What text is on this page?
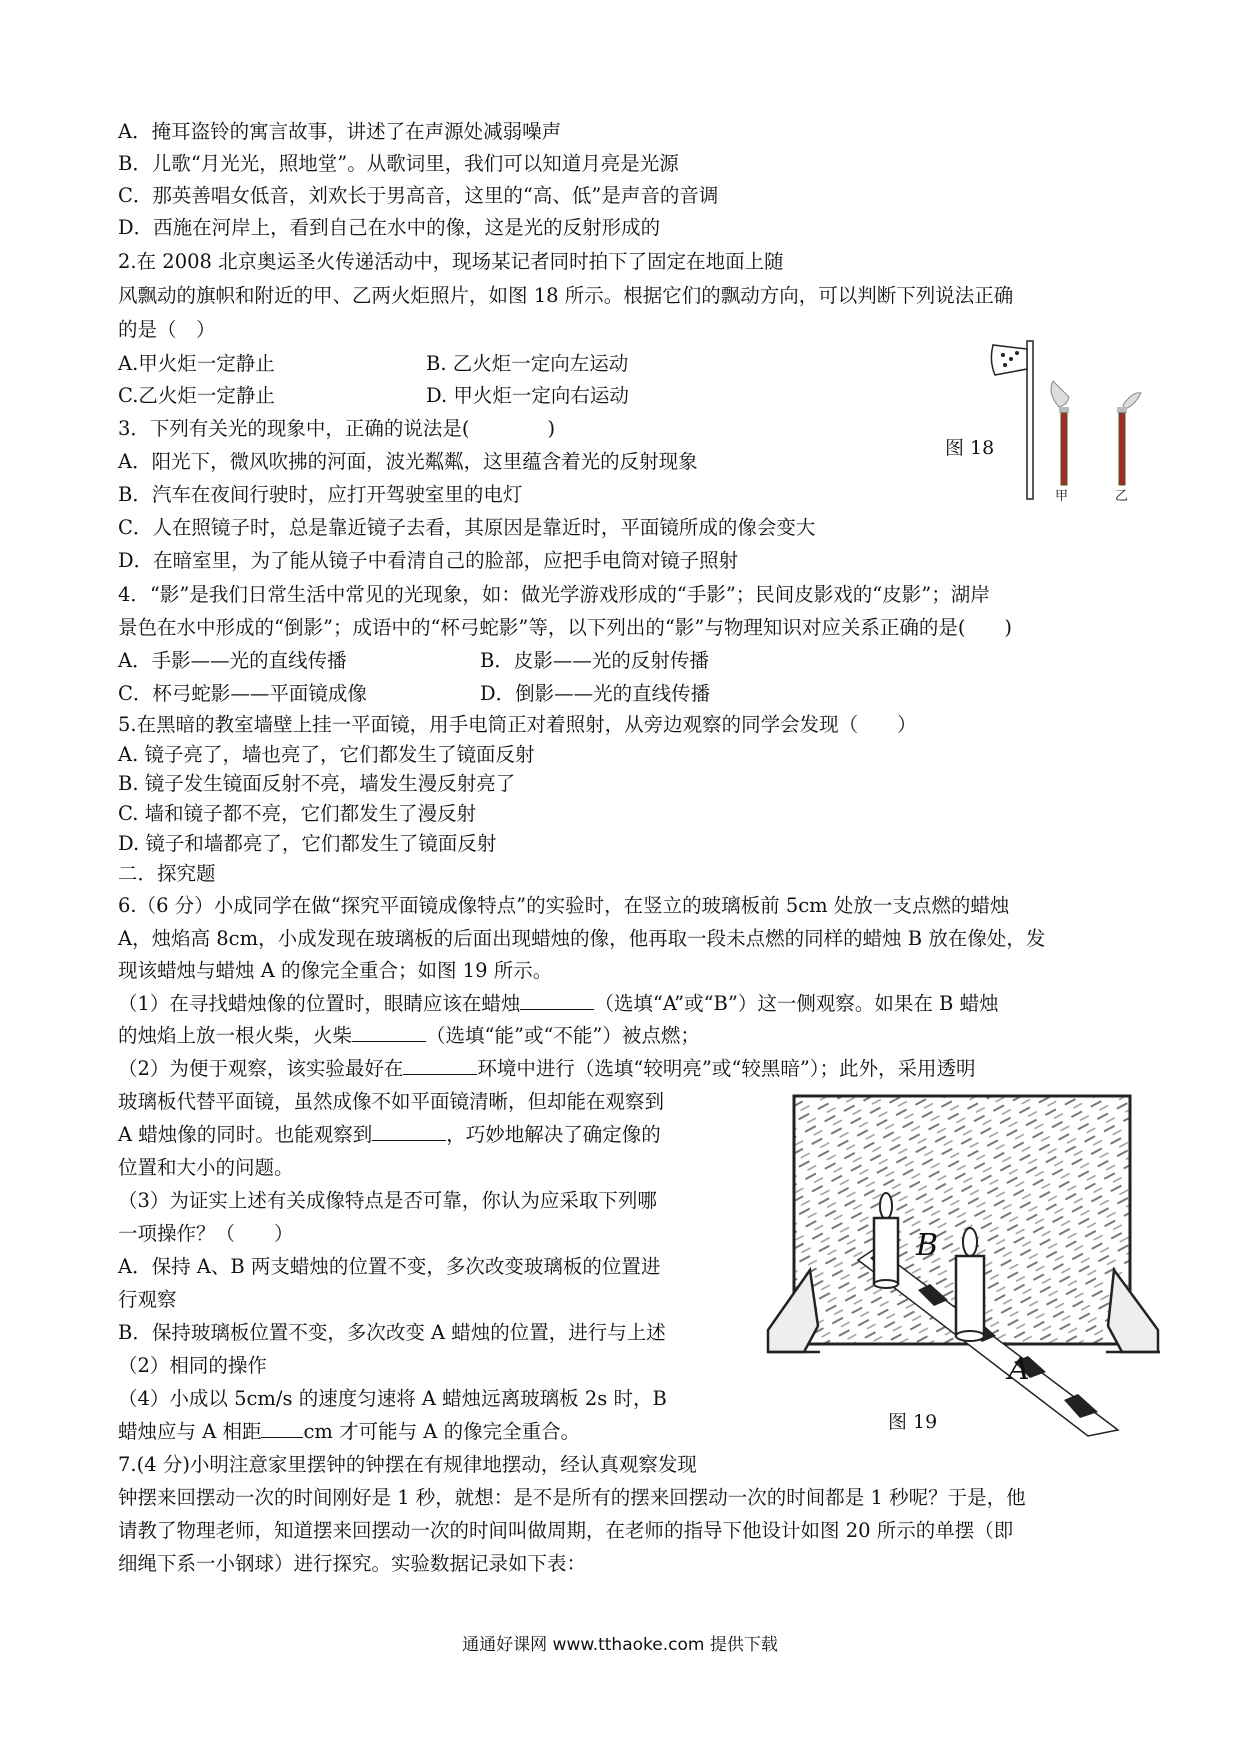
A．掩耳盗铃的寓言故事，讲述了在声源处减弱噪声
B．儿歌“月光光，照地堂”。从歌词里，我们可以知道月亮是光源
C．那英善唱女低音，刘欢长于男高音，这里的“高、低”是声音的音调
D．西施在河岸上，看到自己在水中的像，这是光的反射形成的
2.在 2008 北京奥运圣火传递活动中，现场某记者同时拍下了固定在地面上随
风飘动的旗帜和附近的甲、乙两火炬照片，如图 18 所示。根据它们的飘动方向，可以判断下列说法正确
的是（　）
A.甲火炬一定静止	B. 乙火炬一定向左运动
C.乙火炬一定静止	D. 甲火炬一定向右运动
甲	乙
图 18
3．下列有关光的现象中，正确的说法是(　　　　)
A．阳光下，微风吹拂的河面，波光粼粼，这里蕴含着光的反射现象
B．汽车在夜间行驶时，应打开驾驶室里的电灯
C．人在照镜子时，总是靠近镜子去看，其原因是靠近时，平面镜所成的像会变大
D．在暗室里，为了能从镜子中看清自己的脸部，应把手电筒对镜子照射
4．“影”是我们日常生活中常见的光现象，如：做光学游戏形成的“手影”；民间皮影戏的“皮影”；湖岸
景色在水中形成的“倒影”；成语中的“杯弓蛇影”等，以下列出的“影”与物理知识对应关系正确的是(　　)
A．手影——光的直线传播	B．皮影——光的反射传播
C．杯弓蛇影——平面镜成像	D．倒影——光的直线传播
5.在黑暗的教室墙壁上挂一平面镜，用手电筒正对着照射，从旁边观察的同学会发现（　　）
A. 镜子亮了，墙也亮了，它们都发生了镜面反射
B. 镜子发生镜面反射不亮，墙发生漫反射亮了
C. 墙和镜子都不亮，它们都发生了漫反射
D. 镜子和墙都亮了，它们都发生了镜面反射
二．探究题
6.（6 分）小成同学在做“探究平面镜成像特点”的实验时，在竖立的玻璃板前 5cm 处放一支点燃的蜡烛
A，烛焰高 8cm，小成发现在玻璃板的后面出现蜡烛的像，他再取一段未点燃的同样的蜡烛 B 放在像处，发
现该蜡烛与蜡烛 A 的像完全重合；如图 19 所示。
（1）在寻找蜡烛像的位置时，眼睛应该在蜡烛	（选填“A”或“B”）这一侧观察。如果在 B 蜡烛
的烛焰上放一根火柴，火柴	（选填“能”或“不能”）被点燃；
（2）为便于观察，该实验最好在	环境中进行（选填“较明亮”或“较黑暗”）；此外，采用透明
玻璃板代替平面镜，虽然成像不如平面镜清晰，但却能在观察到
A 蜡烛像的同时。也能观察到	，巧妙地解决了确定像的
位置和大小的问题。
（3）为证实上述有关成像特点是否可靠，你认为应采取下列哪
一项操作？（　　）
A．保持 A、B 两支蜡烛的位置不变，多次改变玻璃板的位置进
行观察
B．保持玻璃板位置不变，多次改变 A 蜡烛的位置，进行与上述
（2）相同的操作
（4）小成以 5cm/s 的速度匀速将 A 蜡烛远离玻璃板 2s 时，B
蜡烛应与 A 相距 cm 才可能与 A 的像完全重合。
B
A
图 19
7.(4 分)小明注意家里摆钟的钟摆在有规律地摆动，经认真观察发现
钟摆来回摆动一次的时间刚好是 1 秒，就想：是不是所有的摆来回摆动一次的时间都是 1 秒呢？于是，他
请教了物理老师，知道摆来回摆动一次的时间叫做周期，在老师的指导下他设计如图 20 所示的单摆（即
细绳下系一小钢球）进行探究。实验数据记录如下表：
通通好课网 www.tthaoke.com 提供下载
